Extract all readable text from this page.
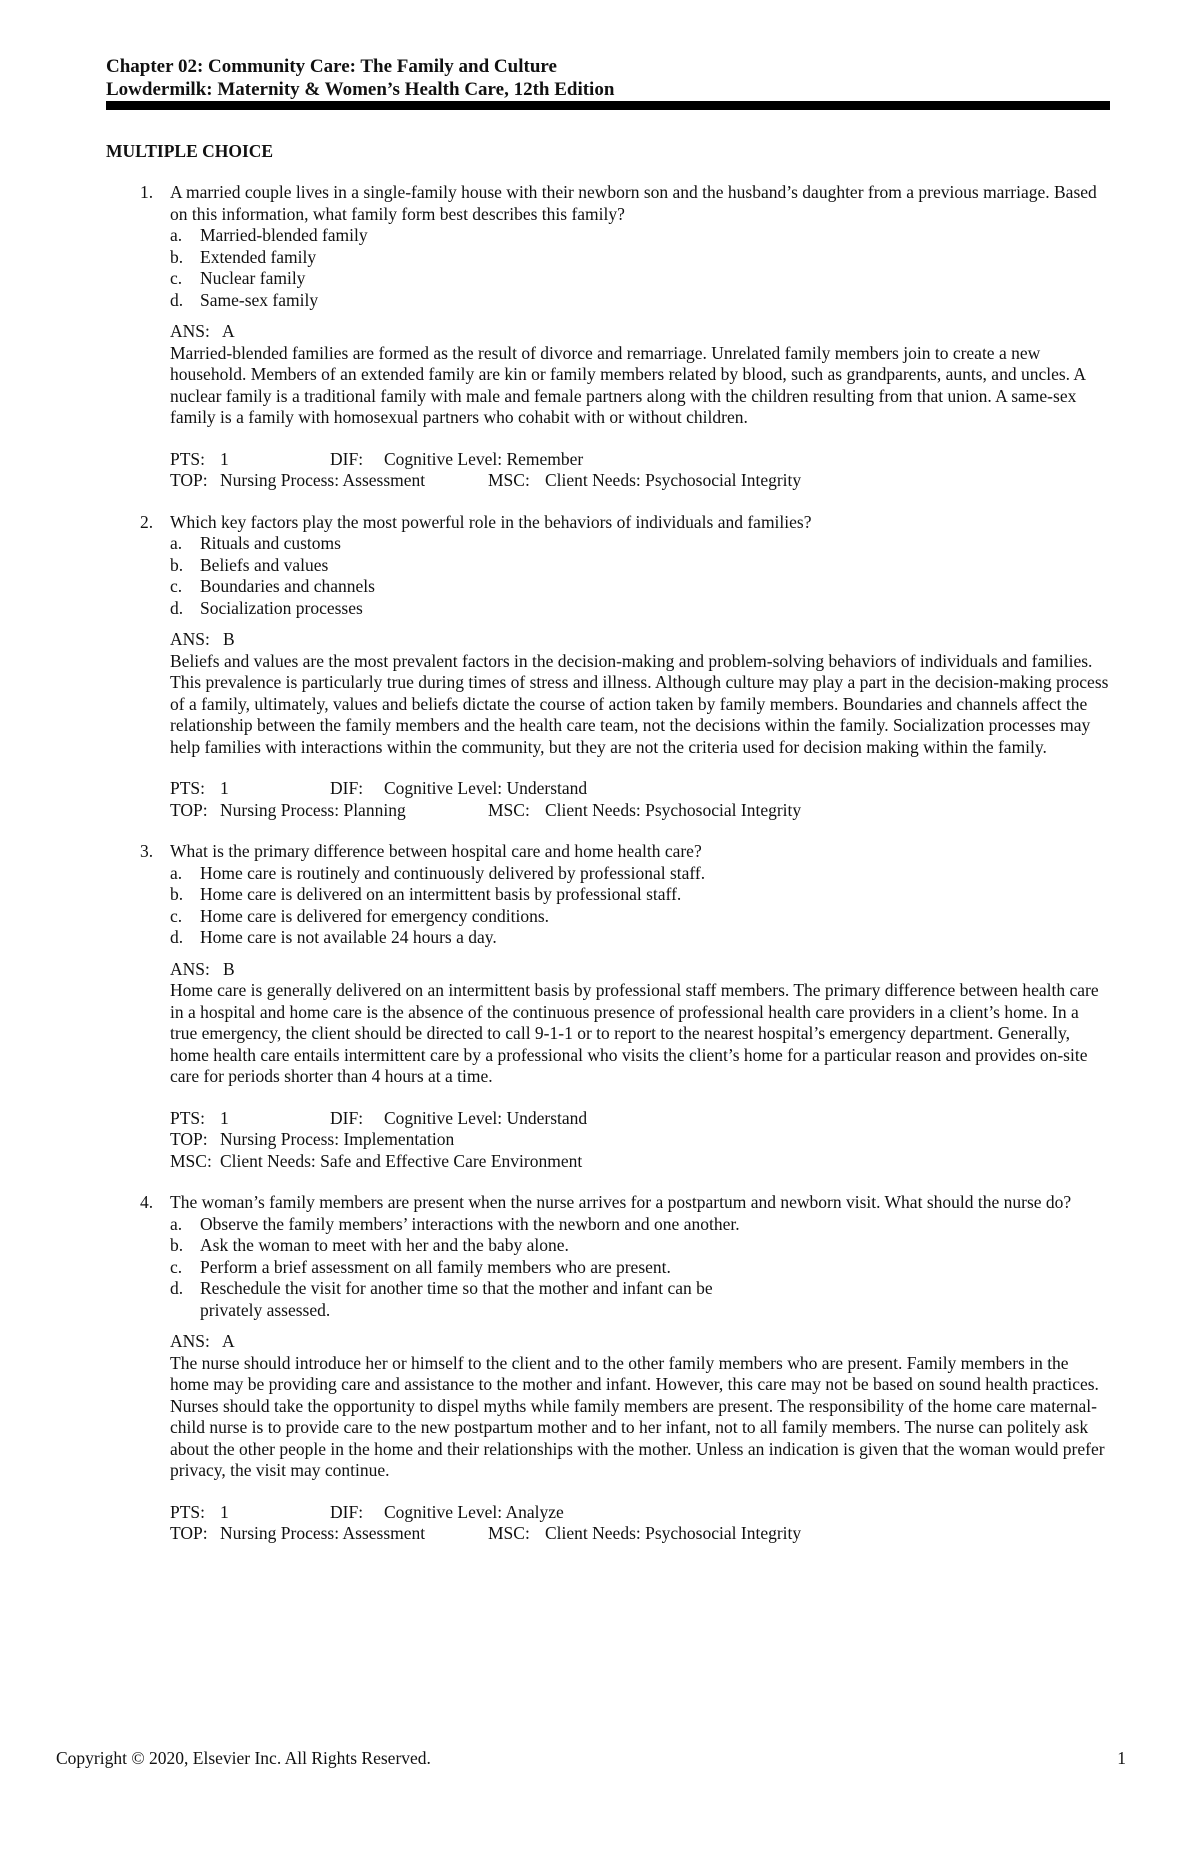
Chapter 02: Community Care: The Family and Culture
Lowdermilk: Maternity & Women’s Health Care, 12th Edition
MULTIPLE CHOICE
1. A married couple lives in a single-family house with their newborn son and the husband’s daughter from a previous marriage. Based on this information, what family form best describes this family?

a. Married-blended family
b. Extended family
c. Nuclear family
d. Same-sex family

ANS: A

Married-blended families are formed as the result of divorce and remarriage. Unrelated family members join to create a new household. Members of an extended family are kin or family members related by blood, such as grandparents, aunts, and uncles. A nuclear family is a traditional family with male and female partners along with the children resulting from that union. A same-sex family is a family with homosexual partners who cohabit with or without children.

PTS: 1	DIF: Cognitive Level: Remember
TOP: Nursing Process: Assessment	MSC: Client Needs: Psychosocial Integrity
2. Which key factors play the most powerful role in the behaviors of individuals and families?

a. Rituals and customs
b. Beliefs and values
c. Boundaries and channels
d. Socialization processes

ANS: B

Beliefs and values are the most prevalent factors in the decision-making and problem-solving behaviors of individuals and families. This prevalence is particularly true during times of stress and illness. Although culture may play a part in the decision-making process of a family, ultimately, values and beliefs dictate the course of action taken by family members. Boundaries and channels affect the relationship between the family members and the health care team, not the decisions within the family. Socialization processes may help families with interactions within the community, but they are not the criteria used for decision making within the family.

PTS: 1	DIF: Cognitive Level: Understand
TOP: Nursing Process: Planning	MSC: Client Needs: Psychosocial Integrity
3. What is the primary difference between hospital care and home health care?

a. Home care is routinely and continuously delivered by professional staff.
b. Home care is delivered on an intermittent basis by professional staff.
c. Home care is delivered for emergency conditions.
d. Home care is not available 24 hours a day.

ANS: B

Home care is generally delivered on an intermittent basis by professional staff members. The primary difference between health care in a hospital and home care is the absence of the continuous presence of professional health care providers in a client’s home. In a true emergency, the client should be directed to call 9-1-1 or to report to the nearest hospital’s emergency department. Generally, home health care entails intermittent care by a professional who visits the client’s home for a particular reason and provides on-site care for periods shorter than 4 hours at a time.

PTS: 1	DIF: Cognitive Level: Understand
TOP: Nursing Process: Implementation
MSC: Client Needs: Safe and Effective Care Environment
4. The woman’s family members are present when the nurse arrives for a postpartum and newborn visit. What should the nurse do?

a. Observe the family members’ interactions with the newborn and one another.
b. Ask the woman to meet with her and the baby alone.
c. Perform a brief assessment on all family members who are present.
d. Reschedule the visit for another time so that the mother and infant can be privately assessed.

ANS: A

The nurse should introduce her or himself to the client and to the other family members who are present. Family members in the home may be providing care and assistance to the mother and infant. However, this care may not be based on sound health practices. Nurses should take the opportunity to dispel myths while family members are present. The responsibility of the home care maternal-child nurse is to provide care to the new postpartum mother and to her infant, not to all family members. The nurse can politely ask about the other people in the home and their relationships with the mother. Unless an indication is given that the woman would prefer privacy, the visit may continue.

PTS: 1	DIF: Cognitive Level: Analyze
TOP: Nursing Process: Assessment	MSC: Client Needs: Psychosocial Integrity
Copyright © 2020, Elsevier Inc. All Rights Reserved.	1
